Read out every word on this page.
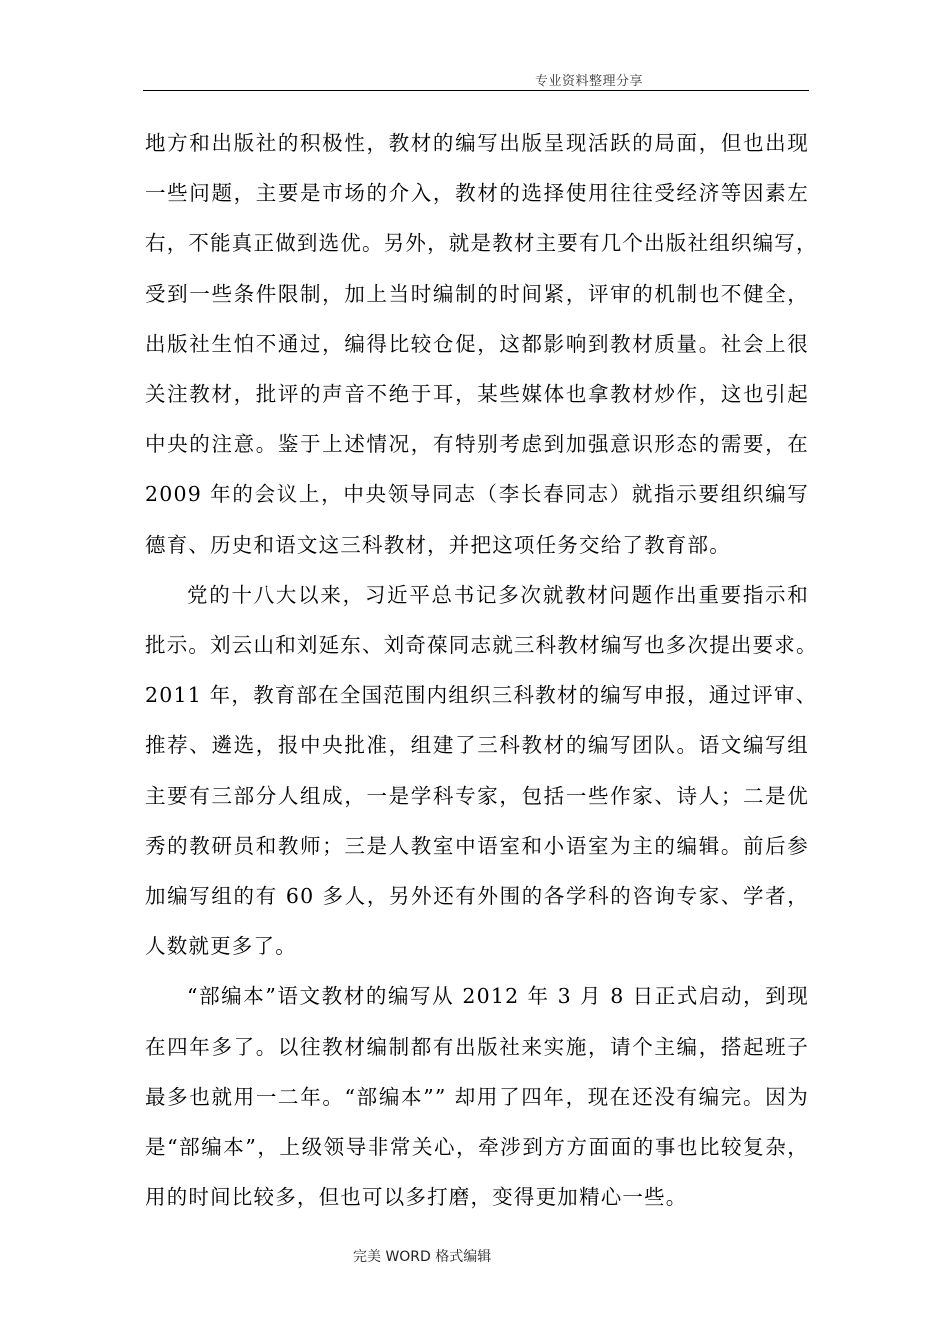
专业资料整理分享
地方和出版社的积极性，教材的编写出版呈现活跃的局面，但也出现
一些问题，主要是市场的介入，教材的选择使用往往受经济等因素左
右，不能真正做到选优。另外，就是教材主要有几个出版社组织编写，
受到一些条件限制，加上当时编制的时间紧，评审的机制也不健全，
出版社生怕不通过，编得比较仓促，这都影响到教材质量。社会上很
关注教材，批评的声音不绝于耳，某些媒体也拿教材炒作，这也引起
中央的注意。鉴于上述情况，有特别考虑到加强意识形态的需要，在
2009 年的会议上，中央领导同志（李长春同志）就指示要组织编写
德育、历史和语文这三科教材，并把这项任务交给了教育部。
党的十八大以来，习近平总书记多次就教材问题作出重要指示和
批示。刘云山和刘延东、刘奇葆同志就三科教材编写也多次提出要求。
2011 年，教育部在全国范围内组织三科教材的编写申报，通过评审、
推荐、遴选，报中央批准，组建了三科教材的编写团队。语文编写组
主要有三部分人组成，一是学科专家，包括一些作家、诗人；二是优
秀的教研员和教师；三是人教室中语室和小语室为主的编辑。前后参
加编写组的有 60 多人，另外还有外围的各学科的咨询专家、学者，
人数就更多了。
“部编本”语文教材的编写从 2012 年 3 月 8 日正式启动，到现
在四年多了。以往教材编制都有出版社来实施，请个主编，搭起班子
最多也就用一二年。“部编本”” 却用了四年，现在还没有编完。因为
是“部编本”，上级领导非常关心，牵涉到方方面面的事也比较复杂，
用的时间比较多，但也可以多打磨，变得更加精心一些。
完美 WORD 格式编辑
